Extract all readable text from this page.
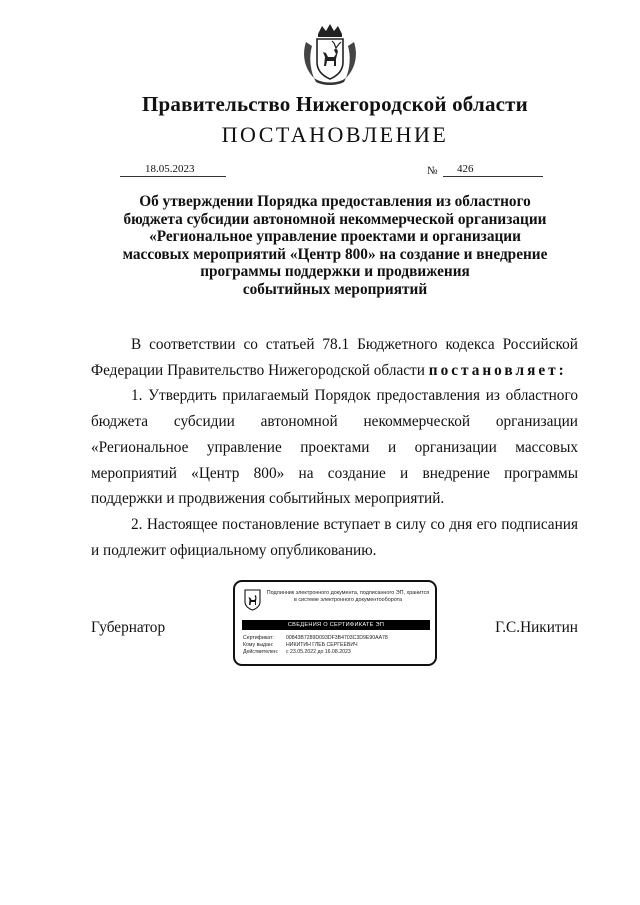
Правительство Нижегородской области
ПОСТАНОВЛЕНИЕ
18.05.2023	№	426
Об утверждении Порядка предоставления из областного
бюджета субсидии автономной некоммерческой организации
«Региональное управление проектами и организации
массовых мероприятий «Центр 800» на создание и внедрение
программы поддержки и продвижения
событийных мероприятий

В соответствии со статьей 78.1 Бюджетного кодекса Российской Федерации Правительство Нижегородской области постановляет:

1. Утвердить прилагаемый Порядок предоставления из областного бюджета субсидии автономной некоммерческой организации «Региональное управление проектами и организации массовых мероприятий «Центр 800» на создание и внедрение программы поддержки и продвижения событийных мероприятий.

2. Настоящее постановление вступает в силу со дня его подписания и подлежит официальному опубликованию.

Губернатор	Г.С.Никитин
Подлинник электронного документа, подписанного ЭП, хранится в системе электронного документооборота
СВЕДЕНИЯ О СЕРТИФИКАТЕ ЭП
Сертификат: 00843B7289D093DF3B4703C3D9E90AA78
Кому выдан: НИКИТИН ГЛЕБ СЕРГЕЕВИЧ
Действителен: с 23.05.2022 до 16.08.2023
